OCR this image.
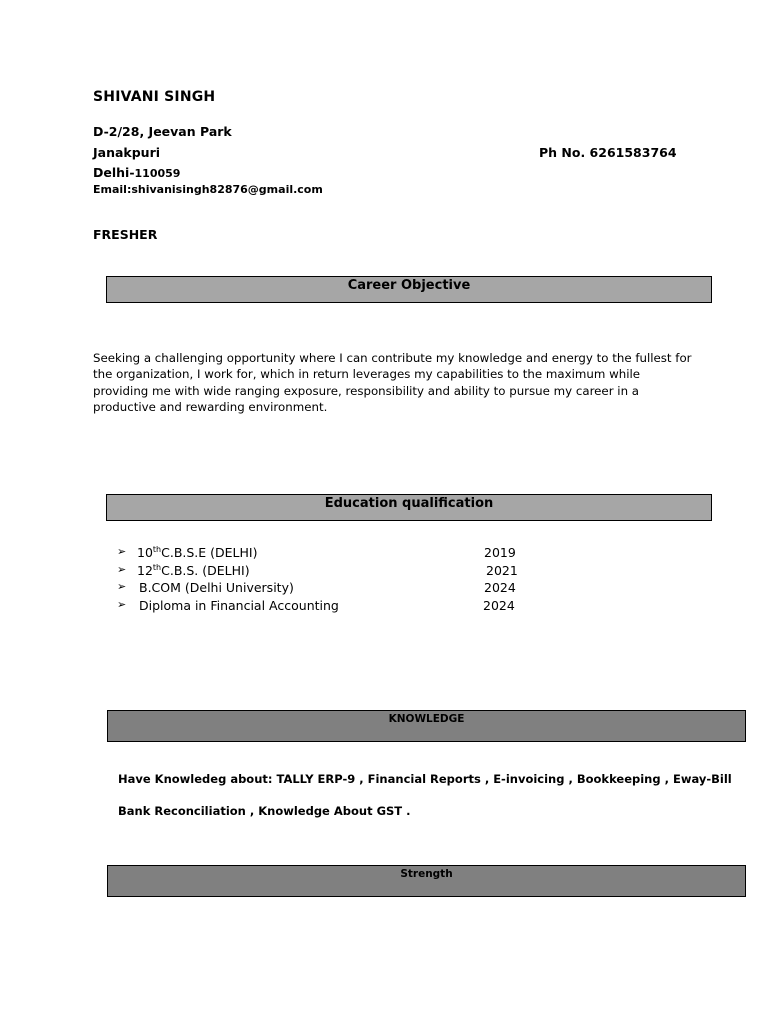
SHIVANI SINGH
D-2/28, Jeevan Park
Janakpuri
Delhi-110059
Email:shivanisingh82876@gmail.com
Ph No. 6261583764
FRESHER
Career Objective
Seeking a challenging opportunity where I can contribute my knowledge and energy to the fullest for the organization, I work for, which in return leverages my capabilities to the maximum while providing me with wide ranging exposure, responsibility and ability to pursue my career in a productive and rewarding environment.
Education qualification
➢ 10thC.B.S.E (DELHI)	2019
➢ 12thC.B.S. (DELHI)	2021
➢ B.COM (Delhi University)	2024
➢ Diploma in Financial Accounting	2024
KNOWLEDGE
Have Knowledeg about: TALLY ERP-9 , Financial Reports , E-invoicing , Bookkeeping , Eway-Bill
Bank Reconciliation , Knowledge About GST .
Strength
